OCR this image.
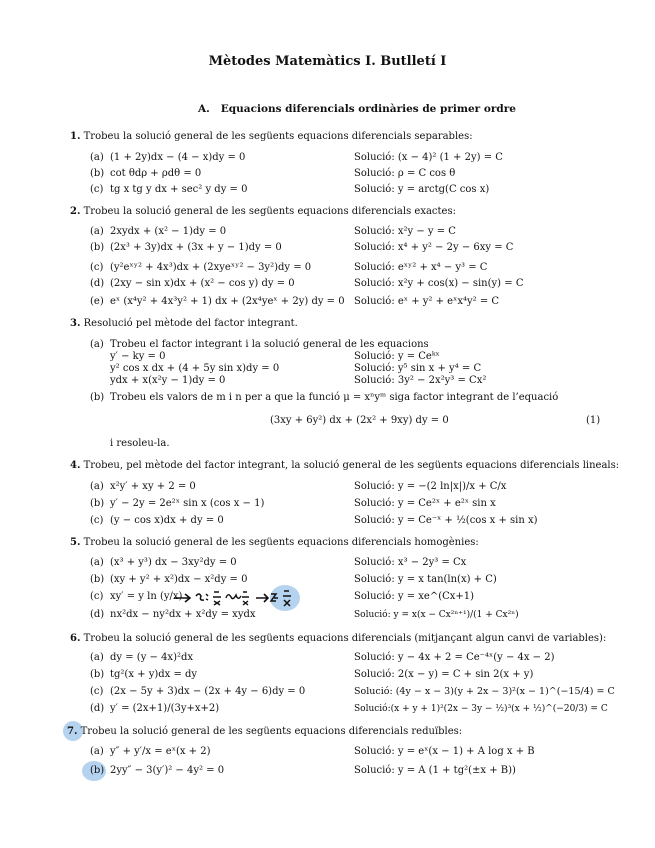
Mètodes Matemàtics I. Butlletí I
A. Equacions diferencials ordinàries de primer ordre
1. Trobeu la solució general de les següents equacions diferencials separables:
(a) (1 + 2y)dx − (4 − x)dy = 0	Solució: (x − 4)² (1 + 2y) = C
(b) cot θdρ + ρdθ = 0	Solució: ρ = C cos θ
(c) tg x tg y dx + sec² y dy = 0	Solució: y = arctg(C cos x)
2. Trobeu la solució general de les següents equacions diferencials exactes:
(a) 2xydx + (x² − 1)dy = 0	Solució: x²y − y = C
(b) (2x³ + 3y)dx + (3x + y − 1)dy = 0	Solució: x⁴ + y² − 2y − 6xy = C
(c) (y²eˣʸ² + 4x³)dx + (2xyeˣʸ² − 3y²)dy = 0	Solució: eˣʸ² + x⁴ − y³ = C
(d) (2xy − sin x)dx + (x² − cos y) dy = 0	Solució: x²y + cos(x) − sin(y) = C
(e) eˣ (x⁴y² + 4x³y² + 1) dx + (2x⁴yeˣ + 2y) dy = 0 Solució: eˣ + y² + eˣx⁴y² = C
3. Resolució pel mètode del factor integrant.
(a) Trobeu el factor integrant i la solució general de les equacions
y′ − ky = 0	Solució: y = Ceᵏˣ
y² cos x dx + (4 + 5y sin x)dy = 0	Solució: y⁵ sin x + y⁴ = C
ydx + x(x²y − 1)dy = 0	Solució: 3y² − 2x²y³ = Cx²
(b) Trobeu els valors de m i n per a que la funció μ = xⁿyᵐ siga factor integrant de l’equació
(3xy + 6y²) dx + (2x² + 9xy) dy = 0	(1)
i resoleu-la.
4. Trobeu, pel mètode del factor integrant, la solució general de les següents equacions diferencials lineals:
(a) x²y′ + xy + 2 = 0	Solució: y = −(2 ln|x|)/x + C/x
(b) y′ − 2y = 2e²ˣ sin x (cos x − 1)	Solució: y = Ce²ˣ + e²ˣ sin x
(c) (y − cos x)dx + dy = 0	Solució: y = Ce⁻ˣ + ½(cos x + sin x)
5. Trobeu la solució general de les següents equacions diferencials homogènies:
(a) (x³ + y³) dx − 3xy²dy = 0	Solució: x³ − 2y³ = Cx
(b) (xy + y² + x²)dx − x²dy = 0	Solució: y = x tan(ln(x) + C)
(c) xy′ = y ln (y/x)	Solució: y = xe^(Cx+1)
(d) nx²dx − ny²dx + x²dy = xydx	Solució: y = x(x − Cx²ⁿ⁺¹)/(1 + Cx²ⁿ)
6. Trobeu la solució general de les següents equacions diferencials (mitjançant algun canvi de variables):
(a) dy = (y − 4x)²dx	Solució: y − 4x + 2 = Ce⁻⁴ˣ(y − 4x − 2)
(b) tg²(x + y)dx = dy	Solució: 2(x − y) = C + sin 2(x + y)
(c) (2x − 5y + 3)dx − (2x + 4y − 6)dy = 0	Solució: (4y − x − 3)(y + 2x − 3)²(x − 1)^(−15/4) = C
(d) y′ = (2x+1)/(3y+x+2)	Solució:(x + y + 1)²(2x − 3y − ½)³(x + ½)^(−20/3) = C
7. Trobeu la solució general de les següents equacions diferencials reduïbles:
(a) y″ + y′/x = eˣ(x + 2)	Solució: y = eˣ(x − 1) + A log x + B
(b) 2yy″ − 3(y′)² − 4y² = 0	Solució: y = A (1 + tg²(±x + B))
